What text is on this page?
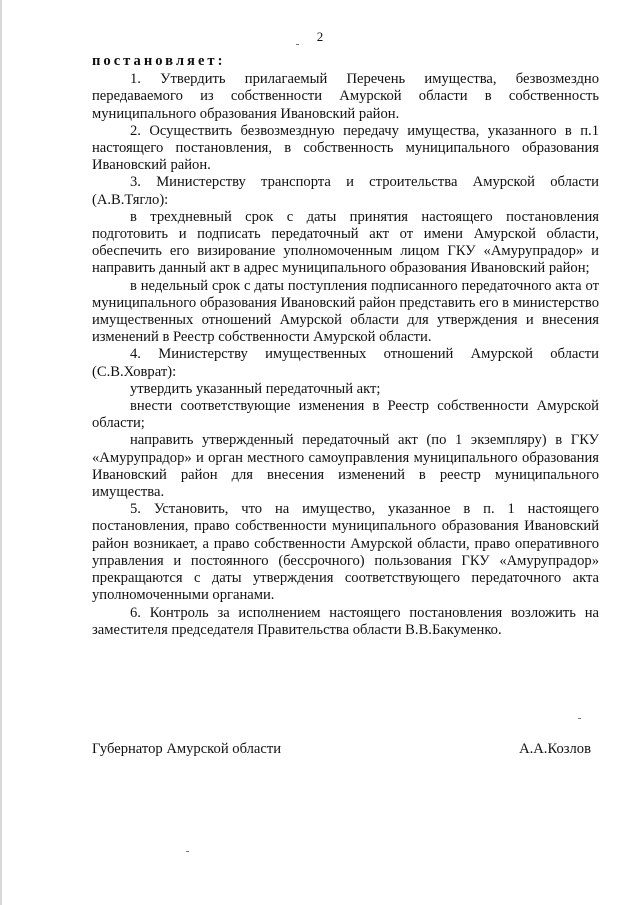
2
постановляет:

1. Утвердить прилагаемый Перечень имущества, безвозмездно передаваемого из собственности Амурской области в собственность муниципального образования Ивановский район.

2. Осуществить безвозмездную передачу имущества, указанного в п.1 настоящего постановления, в собственность муниципального образования Ивановский район.

3. Министерству транспорта и строительства Амурской области (А.В.Тягло):

в трехдневный срок с даты принятия настоящего постановления подготовить и подписать передаточный акт от имени Амурской области, обеспечить его визирование уполномоченным лицом ГКУ «Амурупрадор» и направить данный акт в адрес муниципального образования Ивановский район;

в недельный срок с даты поступления подписанного передаточного акта от муниципального образования Ивановский район представить его в министерство имущественных отношений Амурской области для утверждения и внесения изменений в Реестр собственности Амурской области.

4. Министерству имущественных отношений Амурской области (С.В.Ховрат):

утвердить указанный передаточный акт;

внести соответствующие изменения в Реестр собственности Амурской области;

направить утвержденный передаточный акт (по 1 экземпляру) в ГКУ «Амурупрадор» и орган местного самоуправления муниципального образования Ивановский район для внесения изменений в реестр муниципального имущества.

5. Установить, что на имущество, указанное в п. 1 настоящего постановления, право собственности муниципального образования Ивановский район возникает, а право собственности Амурской области, право оперативного управления и постоянного (бессрочного) пользования ГКУ «Амурупрадор» прекращаются с даты утверждения соответствующего передаточного акта уполномоченными органами.

6. Контроль за исполнением настоящего постановления возложить на заместителя председателя Правительства области В.В.Бакуменко.

Губернатор Амурской области	А.А.Козлов
